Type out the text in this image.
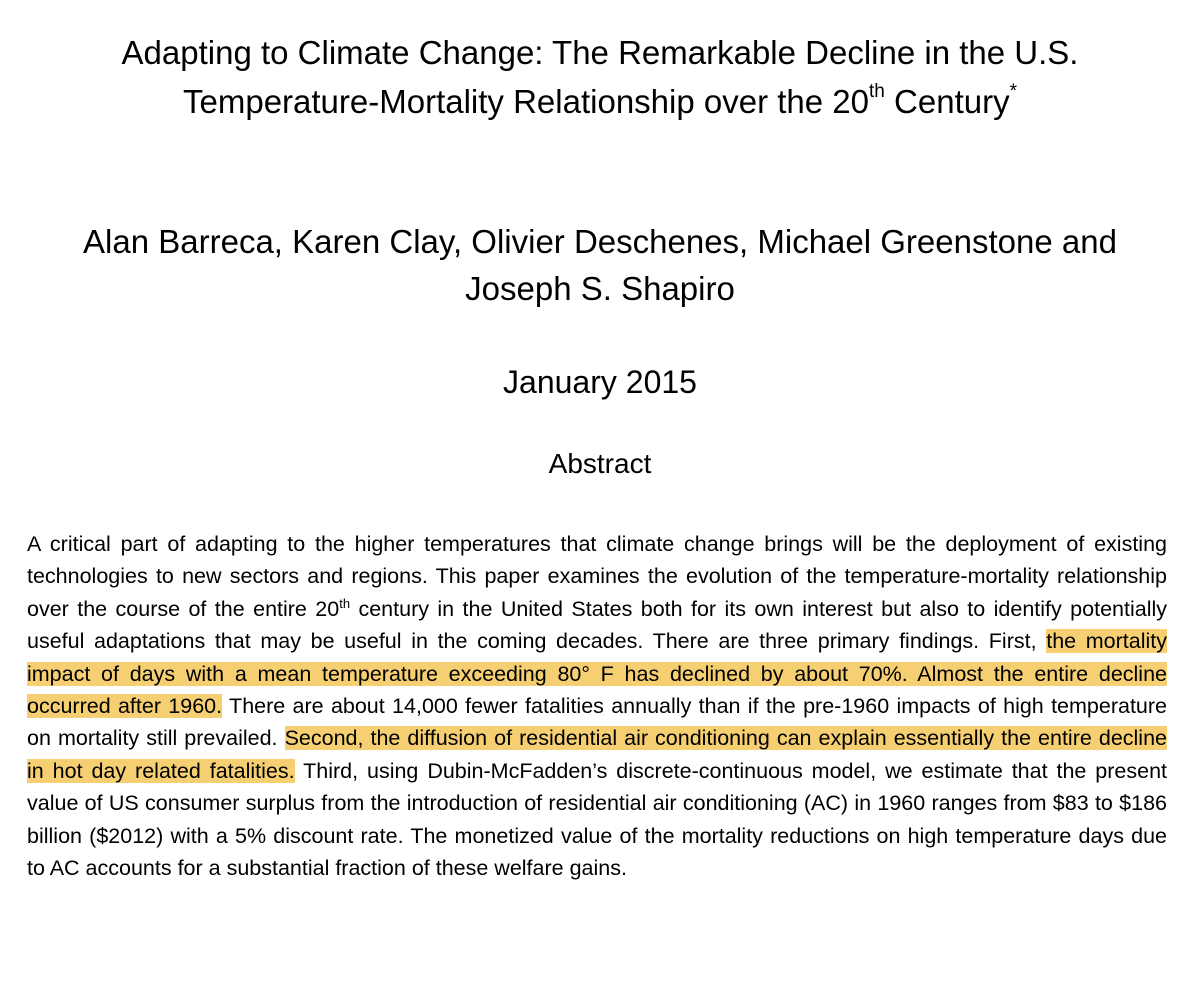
Adapting to Climate Change: The Remarkable Decline in the U.S.
Temperature-Mortality Relationship over the 20th Century*
Alan Barreca, Karen Clay, Olivier Deschenes, Michael Greenstone and
Joseph S. Shapiro
January 2015
Abstract
A critical part of adapting to the higher temperatures that climate change brings will be the deployment of existing technologies to new sectors and regions. This paper examines the evolution of the temperature-mortality relationship over the course of the entire 20th century in the United States both for its own interest but also to identify potentially useful adaptations that may be useful in the coming decades. There are three primary findings. First, the mortality impact of days with a mean temperature exceeding 80° F has declined by about 70%. Almost the entire decline occurred after 1960. There are about 14,000 fewer fatalities annually than if the pre-1960 impacts of high temperature on mortality still prevailed. Second, the diffusion of residential air conditioning can explain essentially the entire decline in hot day related fatalities. Third, using Dubin-McFadden’s discrete-continuous model, we estimate that the present value of US consumer surplus from the introduction of residential air conditioning (AC) in 1960 ranges from $83 to $186 billion ($2012) with a 5% discount rate. The monetized value of the mortality reductions on high temperature days due to AC accounts for a substantial fraction of these welfare gains.
